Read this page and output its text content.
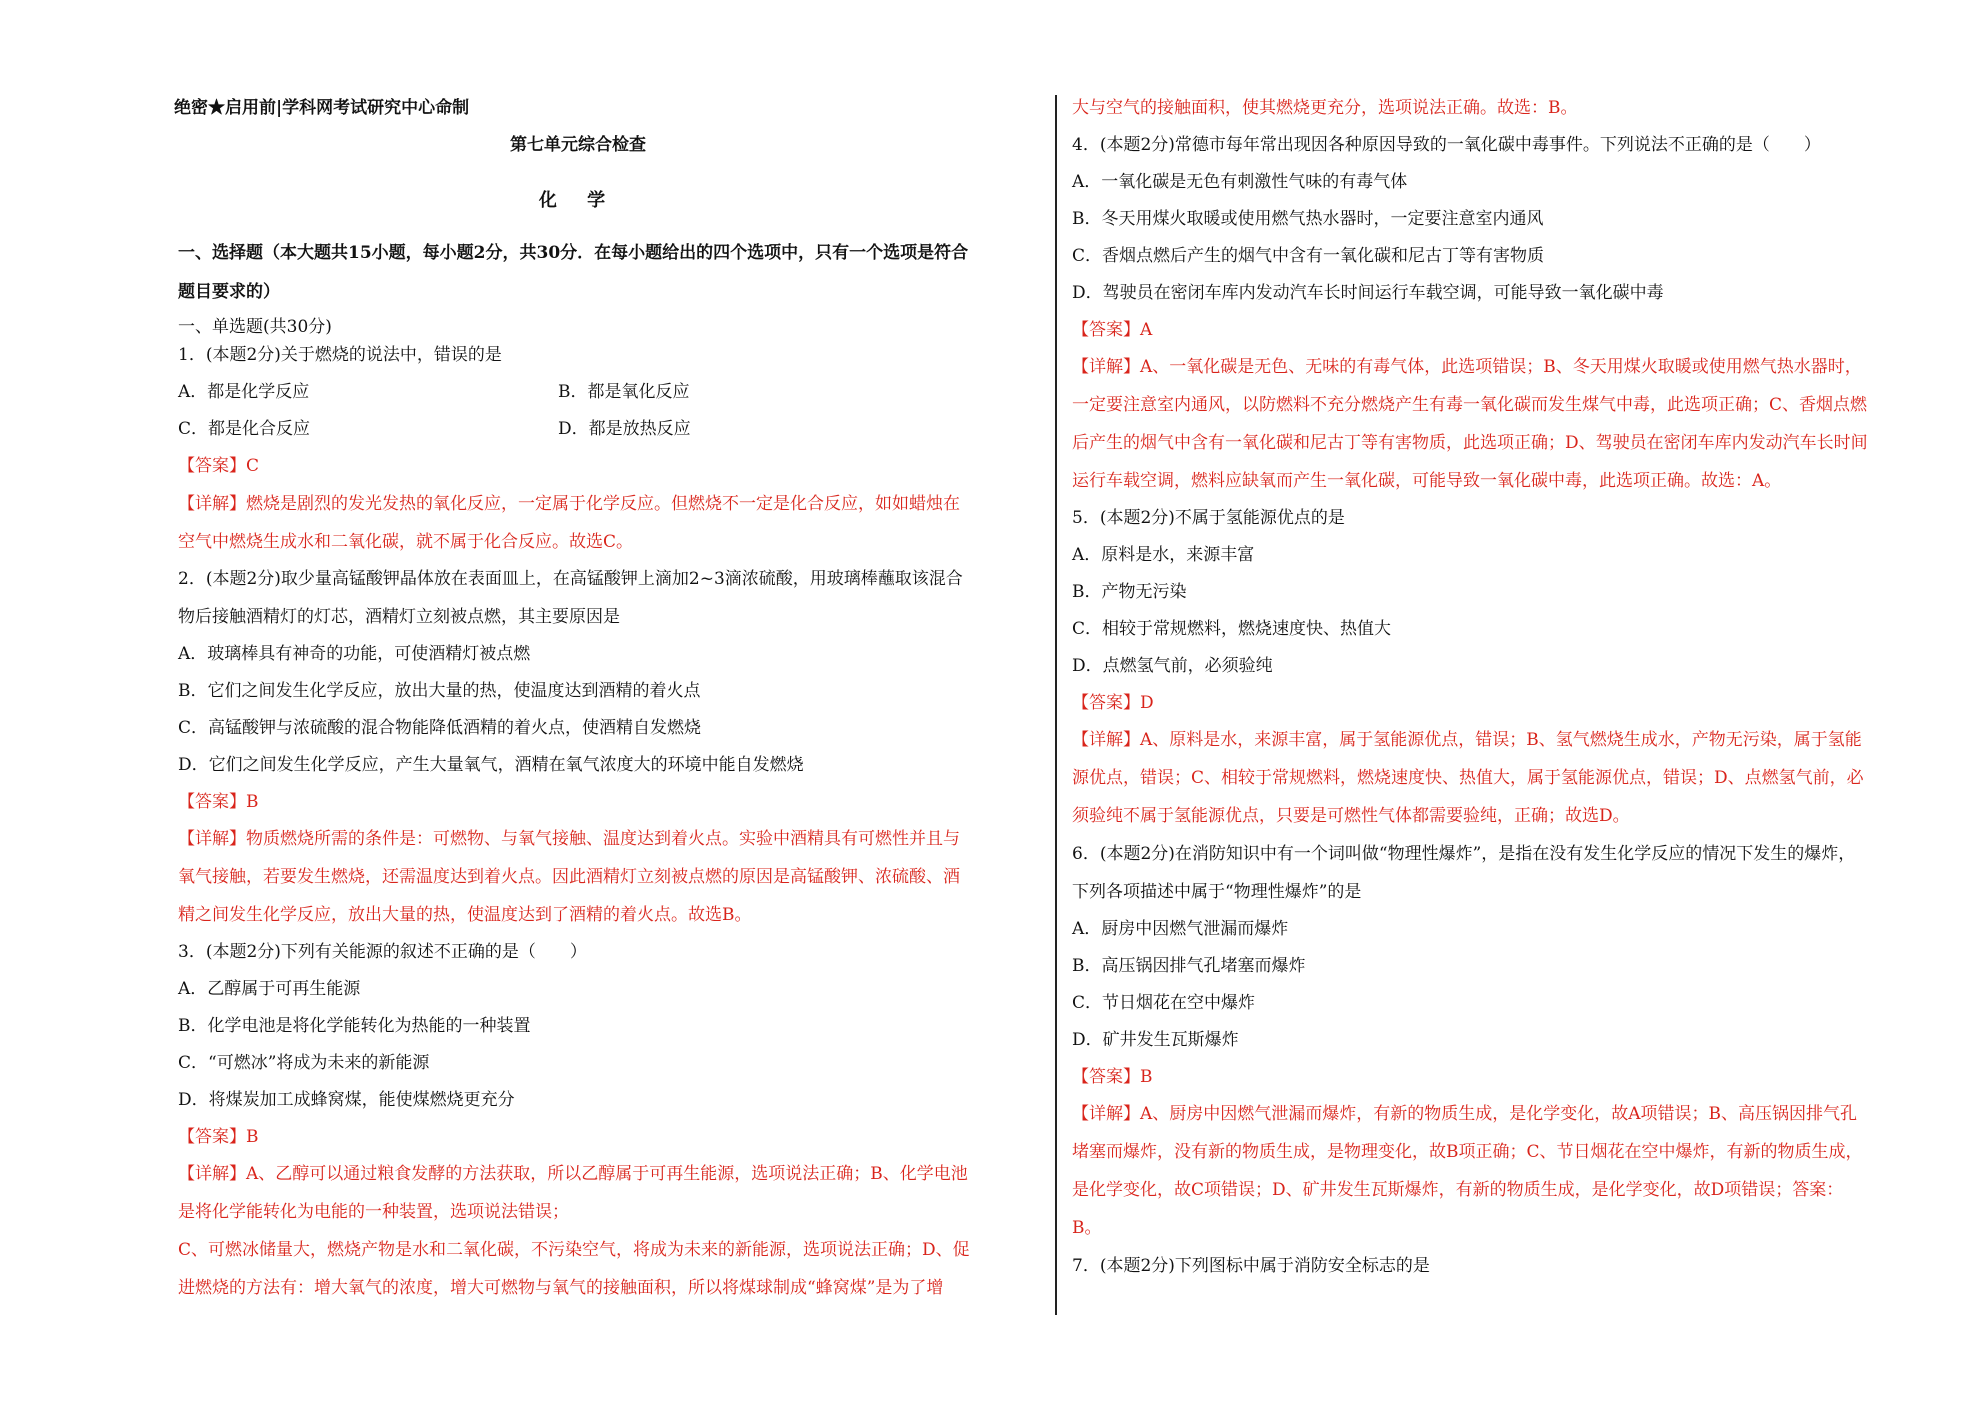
绝密★启用前|学科网考试研究中心命制
第七单元综合检查
化 学
一、选择题（本大题共15小题，每小题2分，共30分．在每小题给出的四个选项中，只有一个选项是符合
题目要求的）
一、单选题(共30分)
1．(本题2分)关于燃烧的说法中，错误的是
A．都是化学反应	B．都是氧化反应
C．都是化合反应	D．都是放热反应
【答案】C
【详解】燃烧是剧烈的发光发热的氧化反应，一定属于化学反应。但燃烧不一定是化合反应，如如蜡烛在
空气中燃烧生成水和二氧化碳，就不属于化合反应。故选C。
2．(本题2分)取少量高锰酸钾晶体放在表面皿上，在高锰酸钾上滴加2~3滴浓硫酸，用玻璃棒蘸取该混合
物后接触酒精灯的灯芯，酒精灯立刻被点燃，其主要原因是
A．玻璃棒具有神奇的功能，可使酒精灯被点燃
B．它们之间发生化学反应，放出大量的热，使温度达到酒精的着火点
C．高锰酸钾与浓硫酸的混合物能降低酒精的着火点，使酒精自发燃烧
D．它们之间发生化学反应，产生大量氧气，酒精在氧气浓度大的环境中能自发燃烧
【答案】B
【详解】物质燃烧所需的条件是：可燃物、与氧气接触、温度达到着火点。实验中酒精具有可燃性并且与
氧气接触，若要发生燃烧，还需温度达到着火点。因此酒精灯立刻被点燃的原因是高锰酸钾、浓硫酸、酒
精之间发生化学反应，放出大量的热，使温度达到了酒精的着火点。故选B。
3．(本题2分)下列有关能源的叙述不正确的是（　　）
A．乙醇属于可再生能源
B．化学电池是将化学能转化为热能的一种装置
C．“可燃冰”将成为未来的新能源
D．将煤炭加工成蜂窝煤，能使煤燃烧更充分
【答案】B
【详解】A、乙醇可以通过粮食发酵的方法获取，所以乙醇属于可再生能源，选项说法正确；B、化学电池
是将化学能转化为电能的一种装置，选项说法错误；
C、可燃冰储量大，燃烧产物是水和二氧化碳，不污染空气，将成为未来的新能源，选项说法正确；D、促
进燃烧的方法有：增大氧气的浓度，增大可燃物与氧气的接触面积，所以将煤球制成“蜂窝煤”是为了增
大与空气的接触面积，使其燃烧更充分，选项说法正确。故选：B。
4．(本题2分)常德市每年常出现因各种原因导致的一氧化碳中毒事件。下列说法不正确的是（　　）
A．一氧化碳是无色有刺激性气味的有毒气体
B．冬天用煤火取暖或使用燃气热水器时，一定要注意室内通风
C．香烟点燃后产生的烟气中含有一氧化碳和尼古丁等有害物质
D．驾驶员在密闭车库内发动汽车长时间运行车载空调，可能导致一氧化碳中毒
【答案】A
【详解】A、一氧化碳是无色、无味的有毒气体，此选项错误；B、冬天用煤火取暖或使用燃气热水器时，
一定要注意室内通风，以防燃料不充分燃烧产生有毒一氧化碳而发生煤气中毒，此选项正确；C、香烟点燃
后产生的烟气中含有一氧化碳和尼古丁等有害物质，此选项正确；D、驾驶员在密闭车库内发动汽车长时间
运行车载空调，燃料应缺氧而产生一氧化碳，可能导致一氧化碳中毒，此选项正确。故选：A。
5．(本题2分)不属于氢能源优点的是
A．原料是水，来源丰富
B．产物无污染
C．相较于常规燃料，燃烧速度快、热值大
D．点燃氢气前，必须验纯
【答案】D
【详解】A、原料是水，来源丰富，属于氢能源优点，错误；B、氢气燃烧生成水，产物无污染，属于氢能
源优点，错误；C、相较于常规燃料，燃烧速度快、热值大，属于氢能源优点，错误；D、点燃氢气前，必
须验纯不属于氢能源优点，只要是可燃性气体都需要验纯，正确；故选D。
6．(本题2分)在消防知识中有一个词叫做“物理性爆炸”，是指在没有发生化学反应的情况下发生的爆炸，
下列各项描述中属于“物理性爆炸”的是
A．厨房中因燃气泄漏而爆炸
B．高压锅因排气孔堵塞而爆炸
C．节日烟花在空中爆炸
D．矿井发生瓦斯爆炸
【答案】B
【详解】A、厨房中因燃气泄漏而爆炸，有新的物质生成，是化学变化，故A项错误；B、高压锅因排气孔
堵塞而爆炸，没有新的物质生成，是物理变化，故B项正确；C、节日烟花在空中爆炸，有新的物质生成，
是化学变化，故C项错误；D、矿井发生瓦斯爆炸，有新的物质生成，是化学变化，故D项错误；答案：
B。
7．(本题2分)下列图标中属于消防安全标志的是
